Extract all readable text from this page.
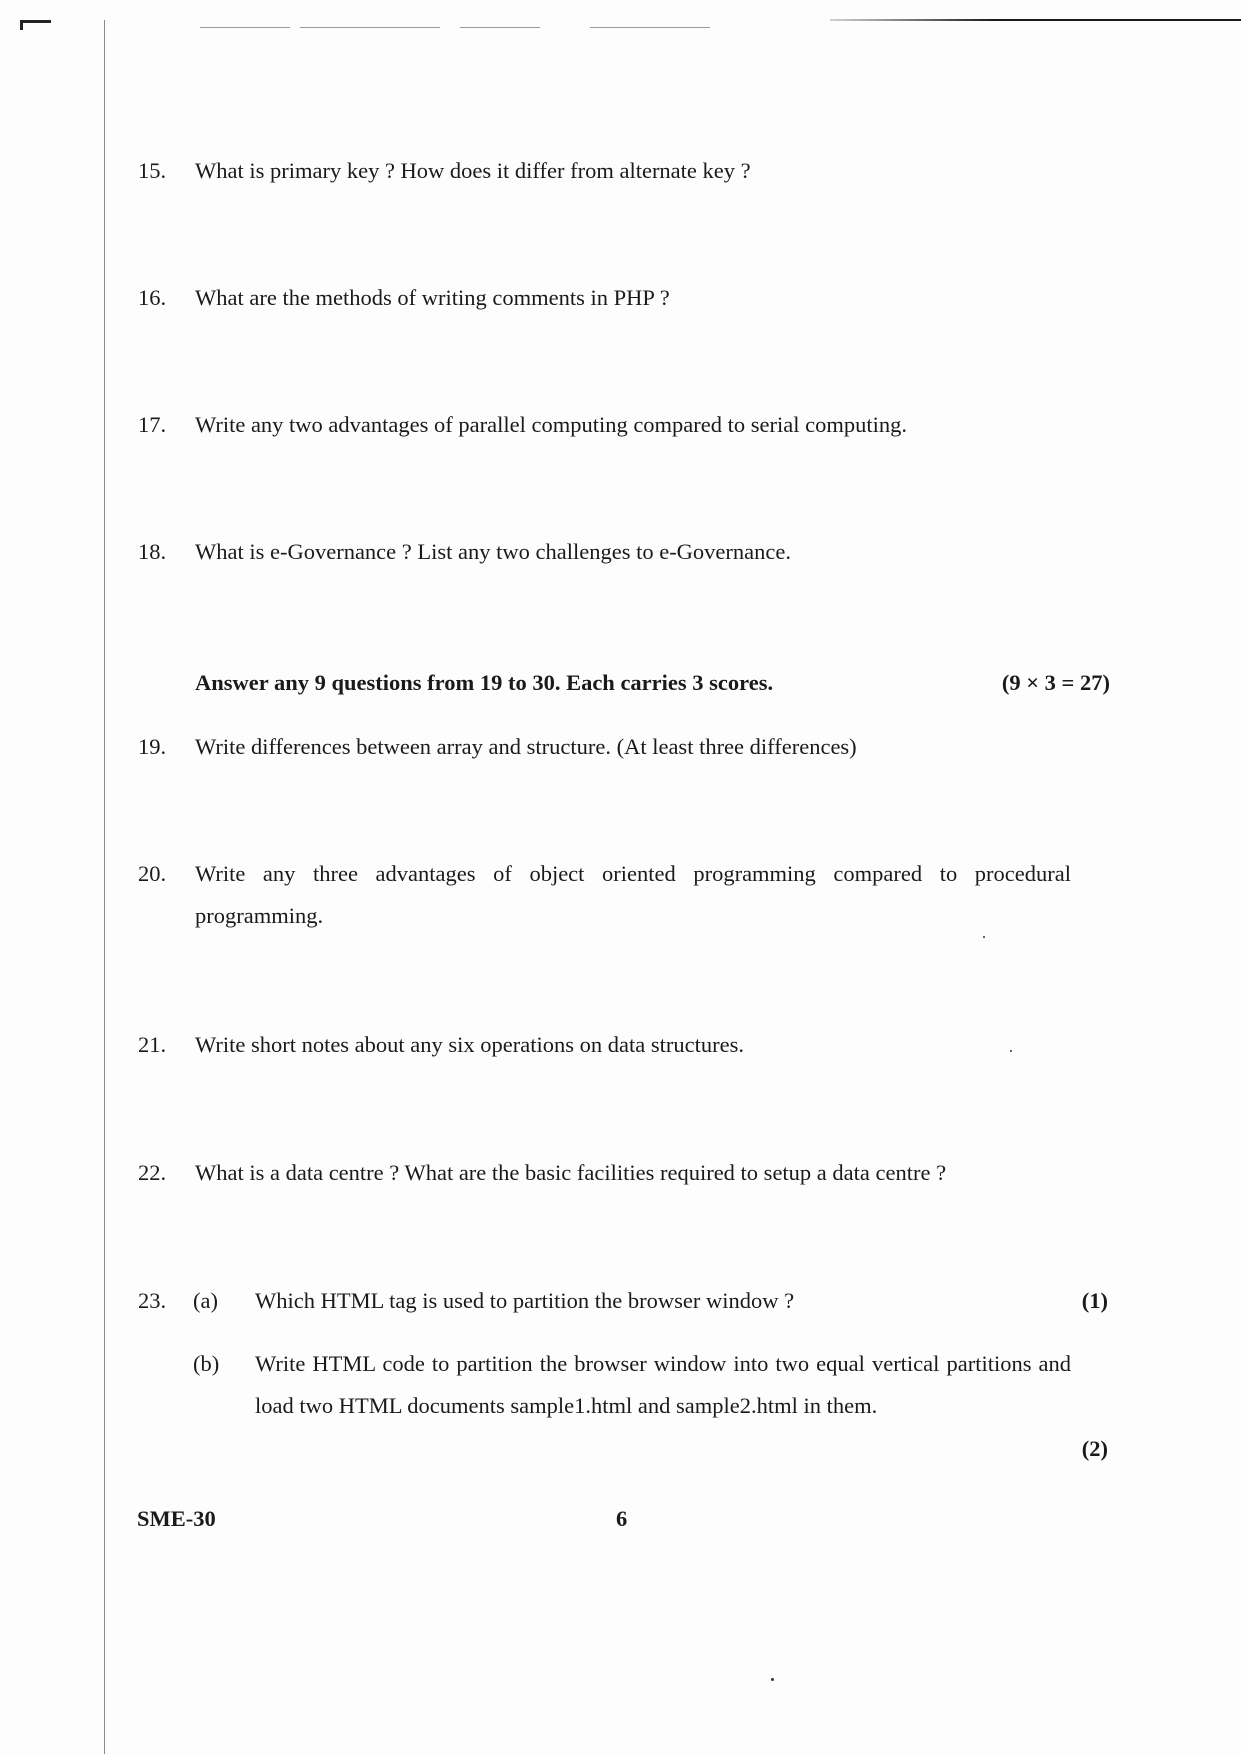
15. What is primary key ? How does it differ from alternate key ?
16. What are the methods of writing comments in PHP ?
17. Write any two advantages of parallel computing compared to serial computing.
18. What is e-Governance ? List any two challenges to e-Governance.
Answer any 9 questions from 19 to 30. Each carries 3 scores.	(9 × 3 = 27)
19. Write differences between array and structure. (At least three differences)
20. Write any three advantages of object oriented programming compared to procedural programming.
21. Write short notes about any six operations on data structures.
22. What is a data centre ? What are the basic facilities required to setup a data centre ?
23. (a) Which HTML tag is used to partition the browser window ?	(1)
(b) Write HTML code to partition the browser window into two equal vertical partitions and load two HTML documents sample1.html and sample2.html in them.
(2)
SME-30	6
